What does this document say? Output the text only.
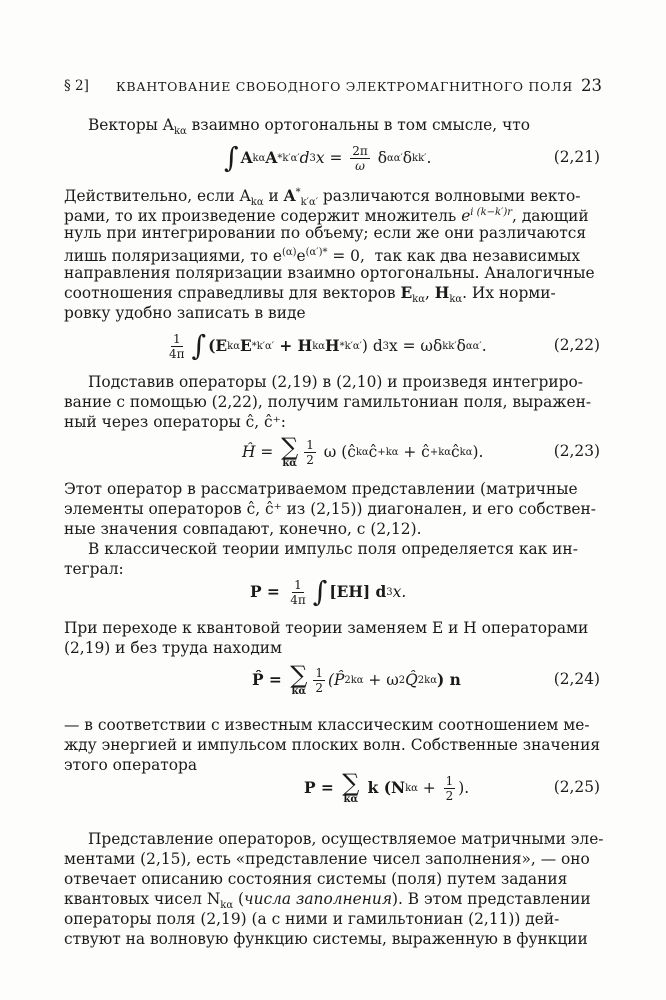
§ 2] КВАНТОВАНИЕ СВОБОДНОГО ЭЛЕКТРОМАГНИТНОГО ПОЛЯ 23
Векторы $A_{k\alpha}$ взаимно ортогональны в том смысле, что
∫ A kα A * k′α′ d 3 $x = \frac{2\pi}{\omega}$ δ αα′ δ kk′ .	(2,21)
Действительно, если $A_{k\alpha}$ и $A^*_{k'\alpha'}$ различаются волновыми векто-
рами, то их произведение содержит множитель $e^{i (k-k')r}$, дающий
нуль при интегрировании по объему; если же они различаются
лишь поляризациями, то $e^{(\alpha)}e^{(\alpha')*} = 0$, так как два независимых
направления поляризации взаимно ортогональны. Аналогичные
соотношения справедливы для векторов $E_{k\alpha}$, $H_{k\alpha}$. Их норми-
ровку удобно записать в виде
$\frac{1}{4\pi}$ ∫ (E kα E * k′α′ + H kα H * k′α′ ) d 3 x = ωδ kk′ δ αα′ .	(2,22)
Подставив операторы (2,19) в (2,10) и произведя интегриро-
вание с помощью (2,22), получим гамильтониан поля, выражен-
ный через операторы ĉ, ĉ⁺:
Ĥ = ∑
kα $\frac{1}{2}$ ω (ĉ kα ĉ + kα + ĉ + kα ĉ kα ).	(2,23)
Этот оператор в рассматриваемом представлении (матричные
элементы операторов ĉ, ĉ⁺ из (2,15)) диагонален, и его собствен-
ные значения совпадают, конечно, с (2,12).
В классической теории импульс поля определяется как ин-
теграл:
$P = \frac{1}{4\pi}$ ∫ [EH] d 3 x.
При переходе к квантовой теории заменяем E и H операторами
(2,19) и без труда находим
P̂ = ∑
kα $\frac{1}{2}$ (P̂ 2 kα + ω 2 Q̂ 2 kα ) n	(2,24)
— в соответствии с известным классическим соотношением ме-
жду энергией и импульсом плоских волн. Собственные значения
этого оператора
P = ∑
kα
k (N $k\alpha + \frac{1}{2}$ ).	(2,25)
Представление операторов, осуществляемое матричными эле-
ментами (2,15), есть «представление чисел заполнения», — оно
отвечает описанию состояния системы (поля) путем задания
квантовых чисел $N_{k\alpha}$ (числа заполнения). В этом представлении
операторы поля (2,19) (а с ними и гамильтониан (2,11)) дей-
ствуют на волновую функцию системы, выраженную в функции
